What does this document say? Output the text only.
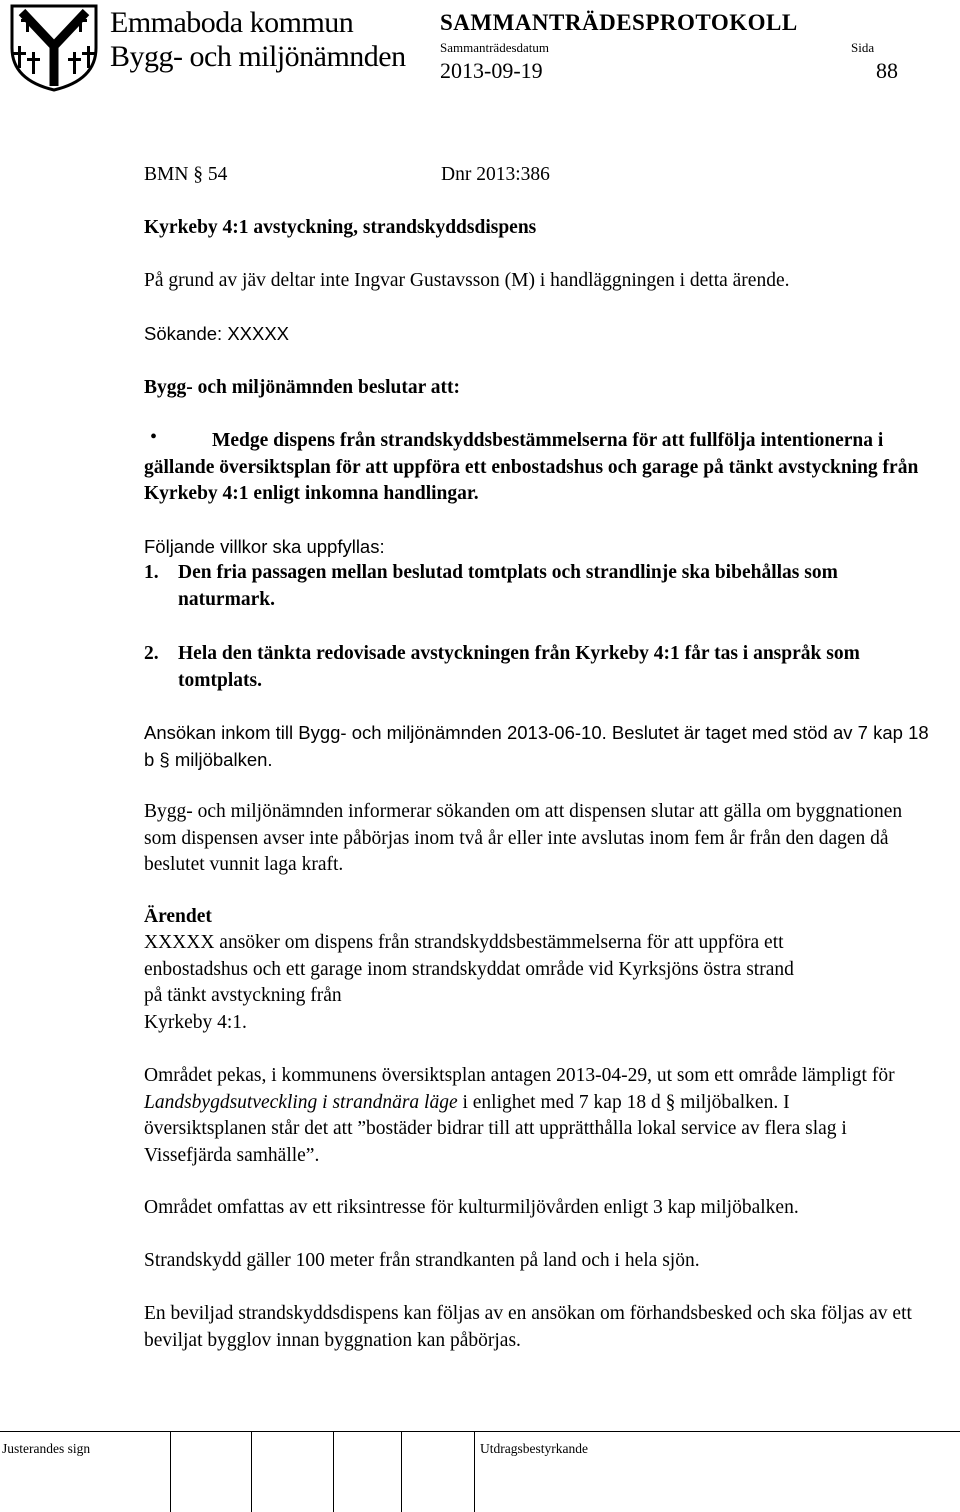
Emmaboda kommun
Bygg- och miljönämnden
SAMMANTRÄDESPROTOKOLL
Sammanträdesdatum
2013-09-19
Sida
88
BMN § 54	Dnr 2013:386
Kyrkeby 4:1 avstyckning, strandskyddsdispens
På grund av jäv deltar inte Ingvar Gustavsson (M) i handläggningen i detta ärende.
Sökande: XXXXX
Bygg- och miljönämnden beslutar att:
•	Medge dispens från strandskyddsbestämmelserna för att fullfölja intentionerna i gällande översiktsplan för att uppföra ett enbostadshus och garage på tänkt avstyckning från Kyrkeby 4:1 enligt inkomna handlingar.
Följande villkor ska uppfyllas:
1. Den fria passagen mellan beslutad tomtplats och strandlinje ska bibehållas som naturmark.
2. Hela den tänkta redovisade avstyckningen från Kyrkeby 4:1 får tas i anspråk som tomtplats.
Ansökan inkom till Bygg- och miljönämnden 2013-06-10. Beslutet är taget med stöd av 7 kap 18 b § miljöbalken.
Bygg- och miljönämnden informerar sökanden om att dispensen slutar att gälla om byggnationen som dispensen avser inte påbörjas inom två år eller inte avslutas inom fem år från den dagen då beslutet vunnit laga kraft.
Ärendet
XXXXX ansöker om dispens från strandskyddsbestämmelserna för att uppföra ett
enbostadshus och ett garage inom strandskyddat område vid Kyrksjöns östra strand
på tänkt avstyckning från
Kyrkeby 4:1.
Området pekas, i kommunens översiktsplan antagen 2013-04-29, ut som ett område lämpligt för Landsbygdsutveckling i strandnära läge i enlighet med 7 kap 18 d § miljöbalken. I översiktsplanen står det att ”bostäder bidrar till att upprätthålla lokal service av flera slag i Vissefjärda samhälle”.
Området omfattas av ett riksintresse för kulturmiljövården enligt 3 kap miljöbalken.
Strandskydd gäller 100 meter från strandkanten på land och i hela sjön.
En beviljad strandskyddsdispens kan följas av en ansökan om förhandsbesked och ska följas av ett beviljat bygglov innan byggnation kan påbörjas.
Justerandes sign	Utdragsbestyrkande
